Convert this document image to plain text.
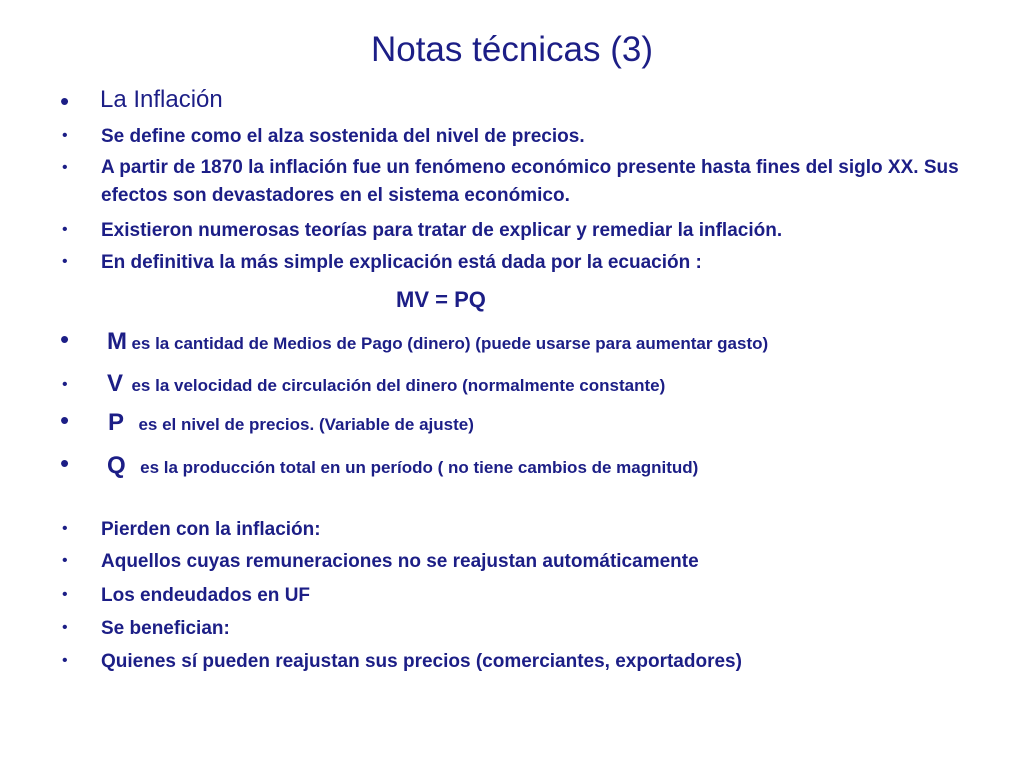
Notas técnicas (3)
• La Inflación
• Se define como el alza sostenida del nivel de precios.
• A partir de 1870 la inflación fue un fenómeno económico presente hasta fines del siglo XX. Sus efectos son devastadores en el sistema económico.
• Existieron numerosas teorías para tratar de explicar y remediar la inflación.
• En definitiva la más simple explicación está dada por la ecuación :
MV = PQ
• M es la cantidad de Medios de Pago (dinero) (puede usarse para aumentar gasto)
• V es la velocidad de circulación del dinero (normalmente constante)
• P es el nivel de precios. (Variable de ajuste)
• Q es la producción total en un período ( no tiene cambios de magnitud)
• Pierden con la inflación:
• Aquellos cuyas remuneraciones no se reajustan automáticamente
• Los endeudados en UF
• Se benefician:
• Quienes sí pueden reajustan sus precios (comerciantes, exportadores)
